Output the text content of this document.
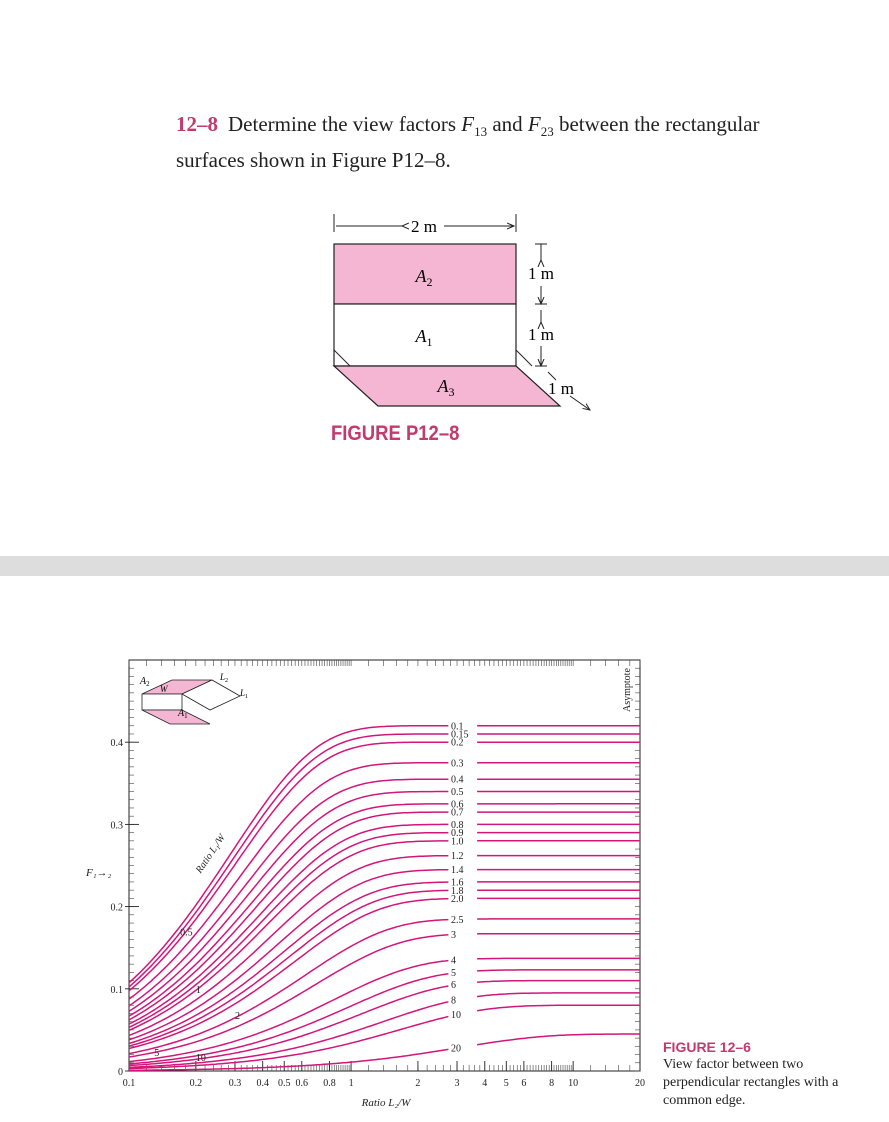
12–8 Determine the view factors $F_{13}$ and $F_{23}$ between the rectangular surfaces shown in Figure P12–8.
2 m
$A_2$
$A_1$
$A_3$
1 m
1 m
1 m
FIGURE P12–8
0.1	0.2	0.3 0.4 0.5 0.6 0.8 1	2	3 4 5 6 8 10	20
0
0.1
0.2
0.3
0.4
Ratio L₂/W
F₁→₂
Asymptote
Ratio L₁/W
0.1
0.15
0.2
0.3
0.4
0.5
0.6
0.7
0.8
0.9
1.0
1.2
1.4
1.6
1.8
2.0
2.5
3
4
5
6
8
10
20
0.5
1
2
5	10
$A_2$
$A_1$
W
$L_2$
$L_1$
FIGURE 12–6
View factor between two perpendicular rectangles with a common edge.
